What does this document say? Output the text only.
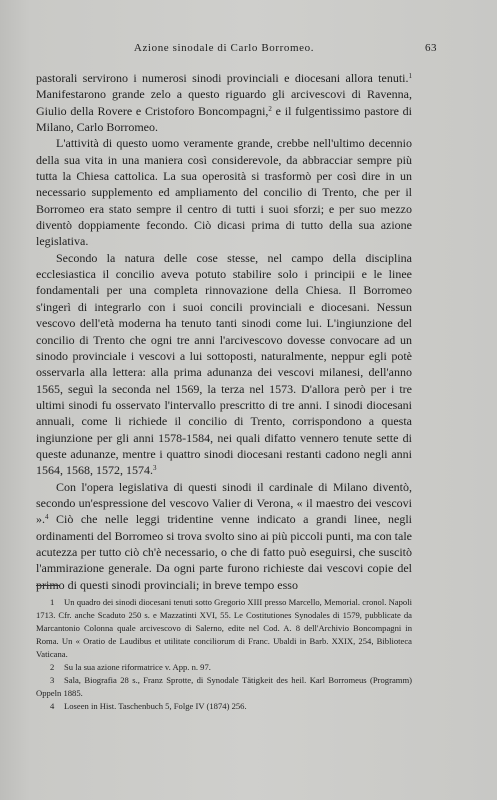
Azione sinodale di Carlo Borromeo.	63

pastorali servirono i numerosi sinodi provinciali e diocesani allora tenuti.$^1$ Manifestarono grande zelo a questo riguardo gli arcivescovi di Ravenna, Giulio della Rovere e Cristoforo Boncompagni,$^2$ e il fulgentissimo pastore di Milano, Carlo Borromeo.

L'attività di questo uomo veramente grande, crebbe nell'ultimo decennio della sua vita in una maniera così considerevole, da abbracciar sempre più tutta la Chiesa cattolica. La sua operosità si trasformò per così dire in un necessario supplemento ed ampliamento del concilio di Trento, che per il Borromeo era stato sempre il centro di tutti i suoi sforzi; e per suo mezzo diventò doppiamente fecondo. Ciò dicasi prima di tutto della sua azione legislativa.

Secondo la natura delle cose stesse, nel campo della disciplina ecclesiastica il concilio aveva potuto stabilire solo i principii e le linee fondamentali per una completa rinnovazione della Chiesa. Il Borromeo s'ingerì di integrarlo con i suoi concili provinciali e diocesani. Nessun vescovo dell'età moderna ha tenuto tanti sinodi come lui. L'ingiunzione del concilio di Trento che ogni tre anni l'arcivescovo dovesse convocare ad un sinodo provinciale i vescovi a lui sottoposti, naturalmente, neppur egli potè osservarla alla lettera: alla prima adunanza dei vescovi milanesi, dell'anno 1565, seguì la seconda nel 1569, la terza nel 1573. D'allora però per i tre ultimi sinodi fu osservato l'intervallo prescritto di tre anni. I sinodi diocesani annuali, come li richiede il concilio di Trento, corrispondono a questa ingiunzione per gli anni 1578-1584, nei quali difatto vennero tenute sette di queste adunanze, mentre i quattro sinodi diocesani restanti cadono negli anni 1564, 1568, 1572, 1574.$^3$

Con l'opera legislativa di questi sinodi il cardinale di Milano diventò, secondo un'espressione del vescovo Valier di Verona, « il maestro dei vescovi ».$^4$ Ciò che nelle leggi tridentine venne indicato a grandi linee, negli ordinamenti del Borromeo si trova svolto sino ai più piccoli punti, ma con tale acutezza per tutto ciò ch'è necessario, o che di fatto può eseguirsi, che suscitò l'ammirazione generale. Da ogni parte furono richieste dai vescovi copie del primo di questi sinodi provinciali; in breve tempo esso

1 Un quadro dei sinodi diocesani tenuti sotto Gregorio XIII presso Marcello, Memorial. cronol. Napoli 1713. Cfr. anche Scaduto 250 s. e Mazzatinti XVI, 55. Le Costitutiones Synodales di 1579, pubblicate da Marcantonio Colonna quale arcivescovo di Salerno, edite nel Cod. A. 8 dell'Archivio Boncompagni in Roma. Un « Oratio de Laudibus et utilitate conciliorum di Franc. Ubaldi in Barb. XXIX, 254, Biblioteca Vaticana.

2 Su la sua azione riformatrice v. App. n. 97.

3 Sala, Biografia 28 s., Franz Sprotte, di Synodale Tätigkeit des heil. Karl Borromeus (Programm) Oppeln 1885.

4 Loseen in Hist. Taschenbuch 5, Folge IV (1874) 256.
